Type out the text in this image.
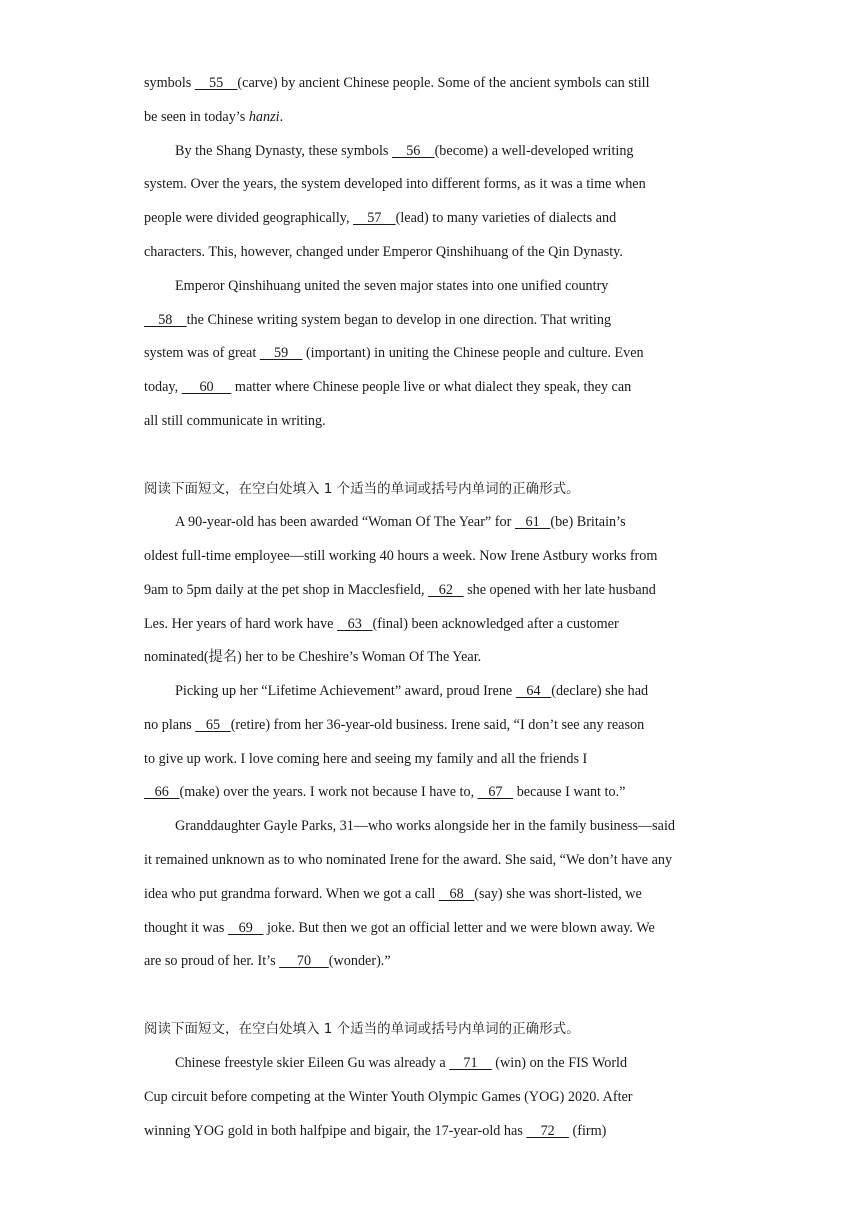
symbols     55    (carve) by ancient Chinese people. Some of the ancient symbols can still
be seen in today’s hanzi.
By the Shang Dynasty, these symbols     56    (become) a well-developed writing
system. Over the years, the system developed into different forms, as it was a time when
people were divided geographically,     57    (lead) to many varieties of dialects and
characters. This, however, changed under Emperor Qinshihuang of the Qin Dynasty.
Emperor Qinshihuang united the seven major states into one unified country
58    the Chinese writing system began to develop in one direction. That writing
system was of great     59     (important) in uniting the Chinese people and culture. Even
today,      60      matter where Chinese people live or what dialect they speak, they can
all still communicate in writing.
阅读下面短文，在空白处填入 1 个适当的单词或括号内单词的正确形式。
A 90-year-old has been awarded “Woman Of The Year” for    61   (be) Britain’s
oldest full-time employee—still working 40 hours a week. Now Irene Astbury works from
9am to 5pm daily at the pet shop in Macclesfield,    62    she opened with her late husband
Les. Her years of hard work have    63   (final) been acknowledged after a customer
nominated(提名) her to be Cheshire’s Woman Of The Year.
Picking up her “Lifetime Achievement” award, proud Irene    64   (declare) she had
no plans    65   (retire) from her 36-year-old business. Irene said, “I don’t see any reason
to give up work. I love coming here and seeing my family and all the friends I
66   (make) over the years. I work not because I have to,    67    because I want to.”
Granddaughter Gayle Parks, 31—who works alongside her in the family business—said
it remained unknown as to who nominated Irene for the award. She said, “We don’t have any
idea who put grandma forward. When we got a call    68   (say) she was short-listed, we
thought it was    69    joke. But then we got an official letter and we were blown away. We
are so proud of her. It’s      70     (wonder).”
阅读下面短文，在空白处填入 1 个适当的单词或括号内单词的正确形式。
Chinese freestyle skier Eileen Gu was already a     71     (win) on the FIS World
Cup circuit before competing at the Winter Youth Olympic Games (YOG) 2020. After
winning YOG gold in both halfpipe and bigair, the 17-year-old has     72     (firm)
